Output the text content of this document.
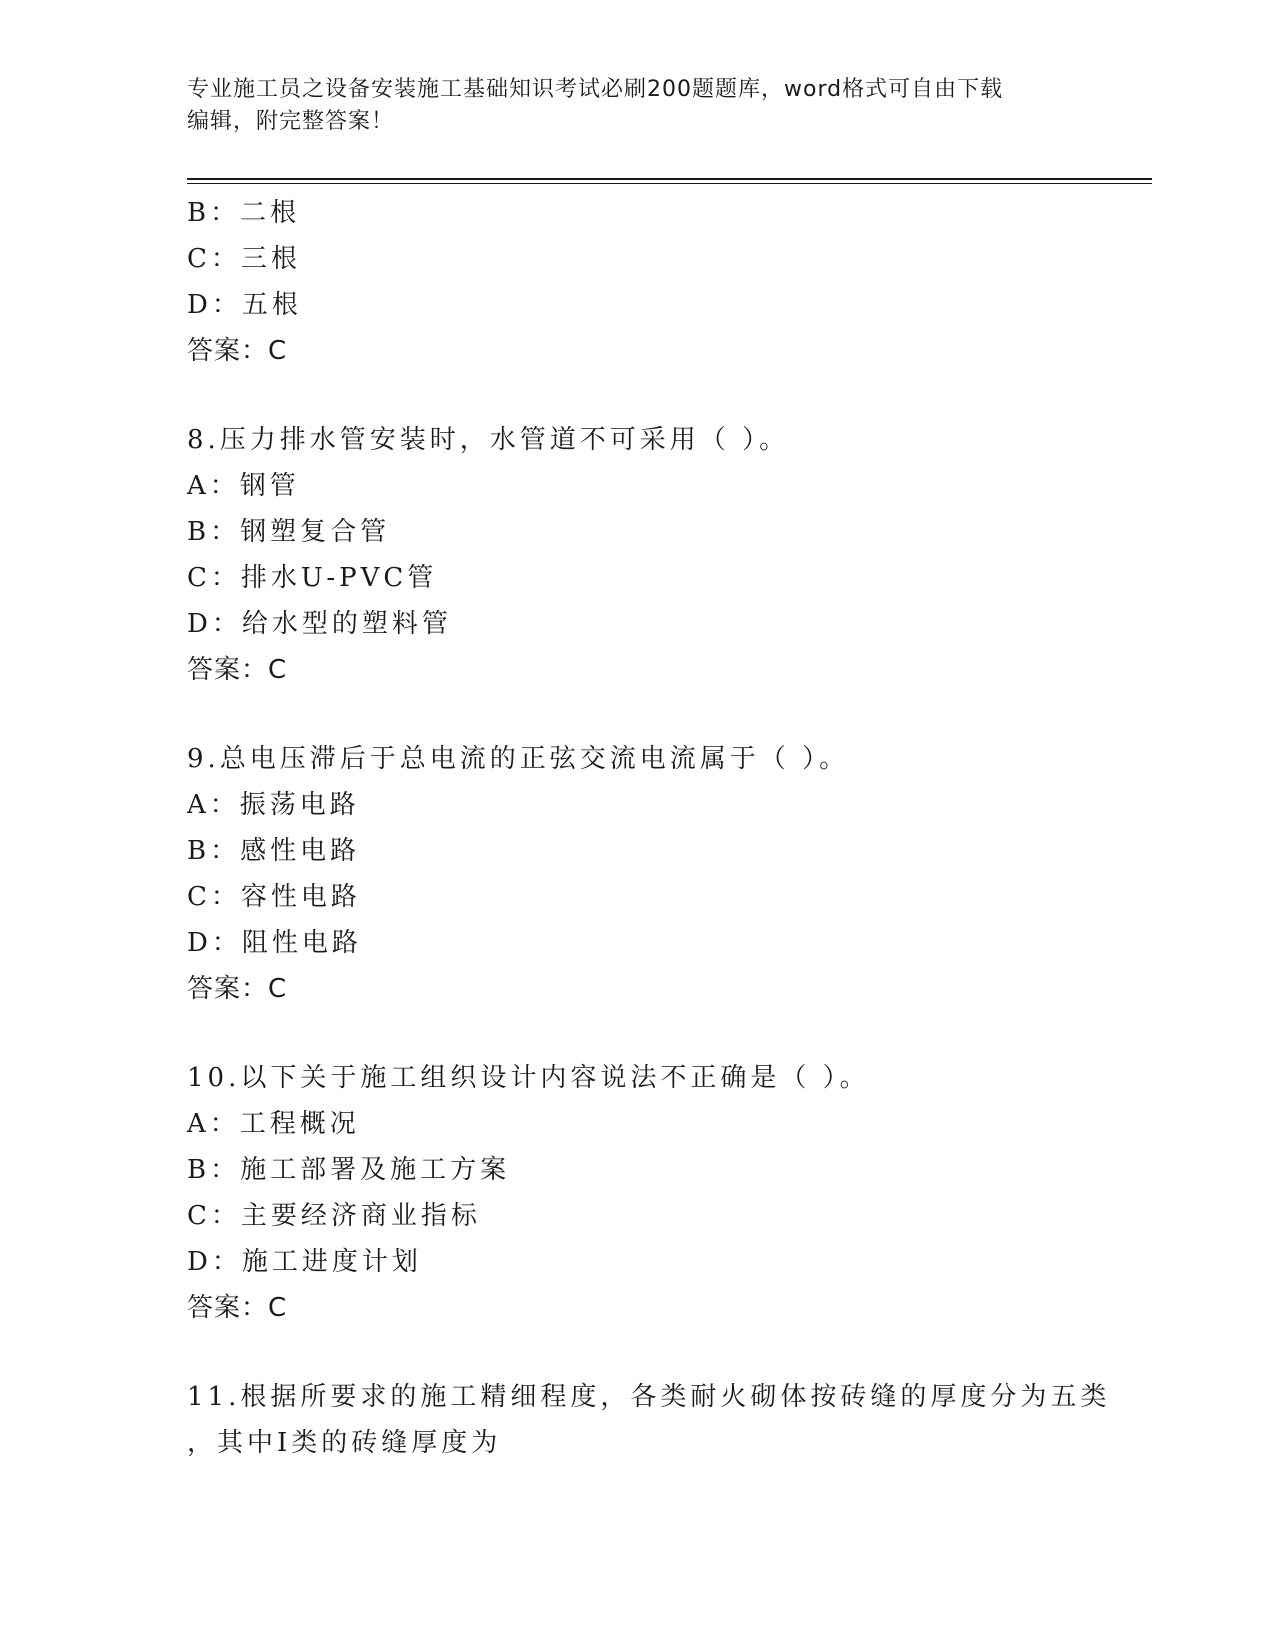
专业施工员之设备安装施工基础知识考试必刷200题题库，word格式可自由下载
编辑，附完整答案！
B：二根
C：三根
D：五根
答案：C
8.压力排水管安装时，水管道不可采用（ ）。
A：钢管
B：钢塑复合管
C：排水U-PVC管
D：给水型的塑料管
答案：C
9.总电压滞后于总电流的正弦交流电流属于（ ）。
A：振荡电路
B：感性电路
C：容性电路
D：阻性电路
答案：C
10.以下关于施工组织设计内容说法不正确是（ ）。
A：工程概况
B：施工部署及施工方案
C：主要经济商业指标
D：施工进度计划
答案：C
11.根据所要求的施工精细程度，各类耐火砌体按砖缝的厚度分为五类
，其中Ⅰ类的砖缝厚度为
